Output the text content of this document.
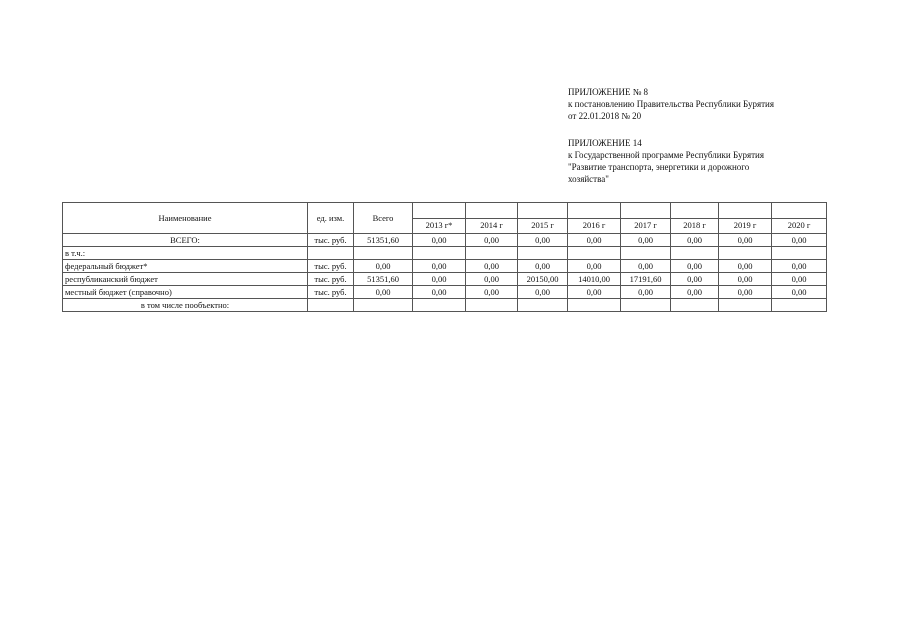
ПРИЛОЖЕНИЕ № 8
к постановлению Правительства Республики Бурятия
от 22.01.2018 № 20
ПРИЛОЖЕНИЕ 14
к Государственной программе Республики Бурятия
"Развитие транспорта, энергетики и дорожного
хозяйства"
Наименование	ед. изм.	Всего								
			2013 г*	2014 г	2015 г	2016 г	2017 г	2018 г	2019 г	2020 г
ВСЕГО:	тыс. руб.	51351,60	0,00	0,00	0,00	0,00	0,00	0,00	0,00	0,00
в т.ч.:										
федеральный бюджет*	тыс. руб.	0,00	0,00	0,00	0,00	0,00	0,00	0,00	0,00	0,00
республиканский бюджет	тыс. руб.	51351,60	0,00	0,00	20150,00	14010,00	17191,60	0,00	0,00	0,00
местный бюджет (справочно)	тыс. руб.	0,00	0,00	0,00	0,00	0,00	0,00	0,00	0,00	0,00
в том числе пообъектно:										
